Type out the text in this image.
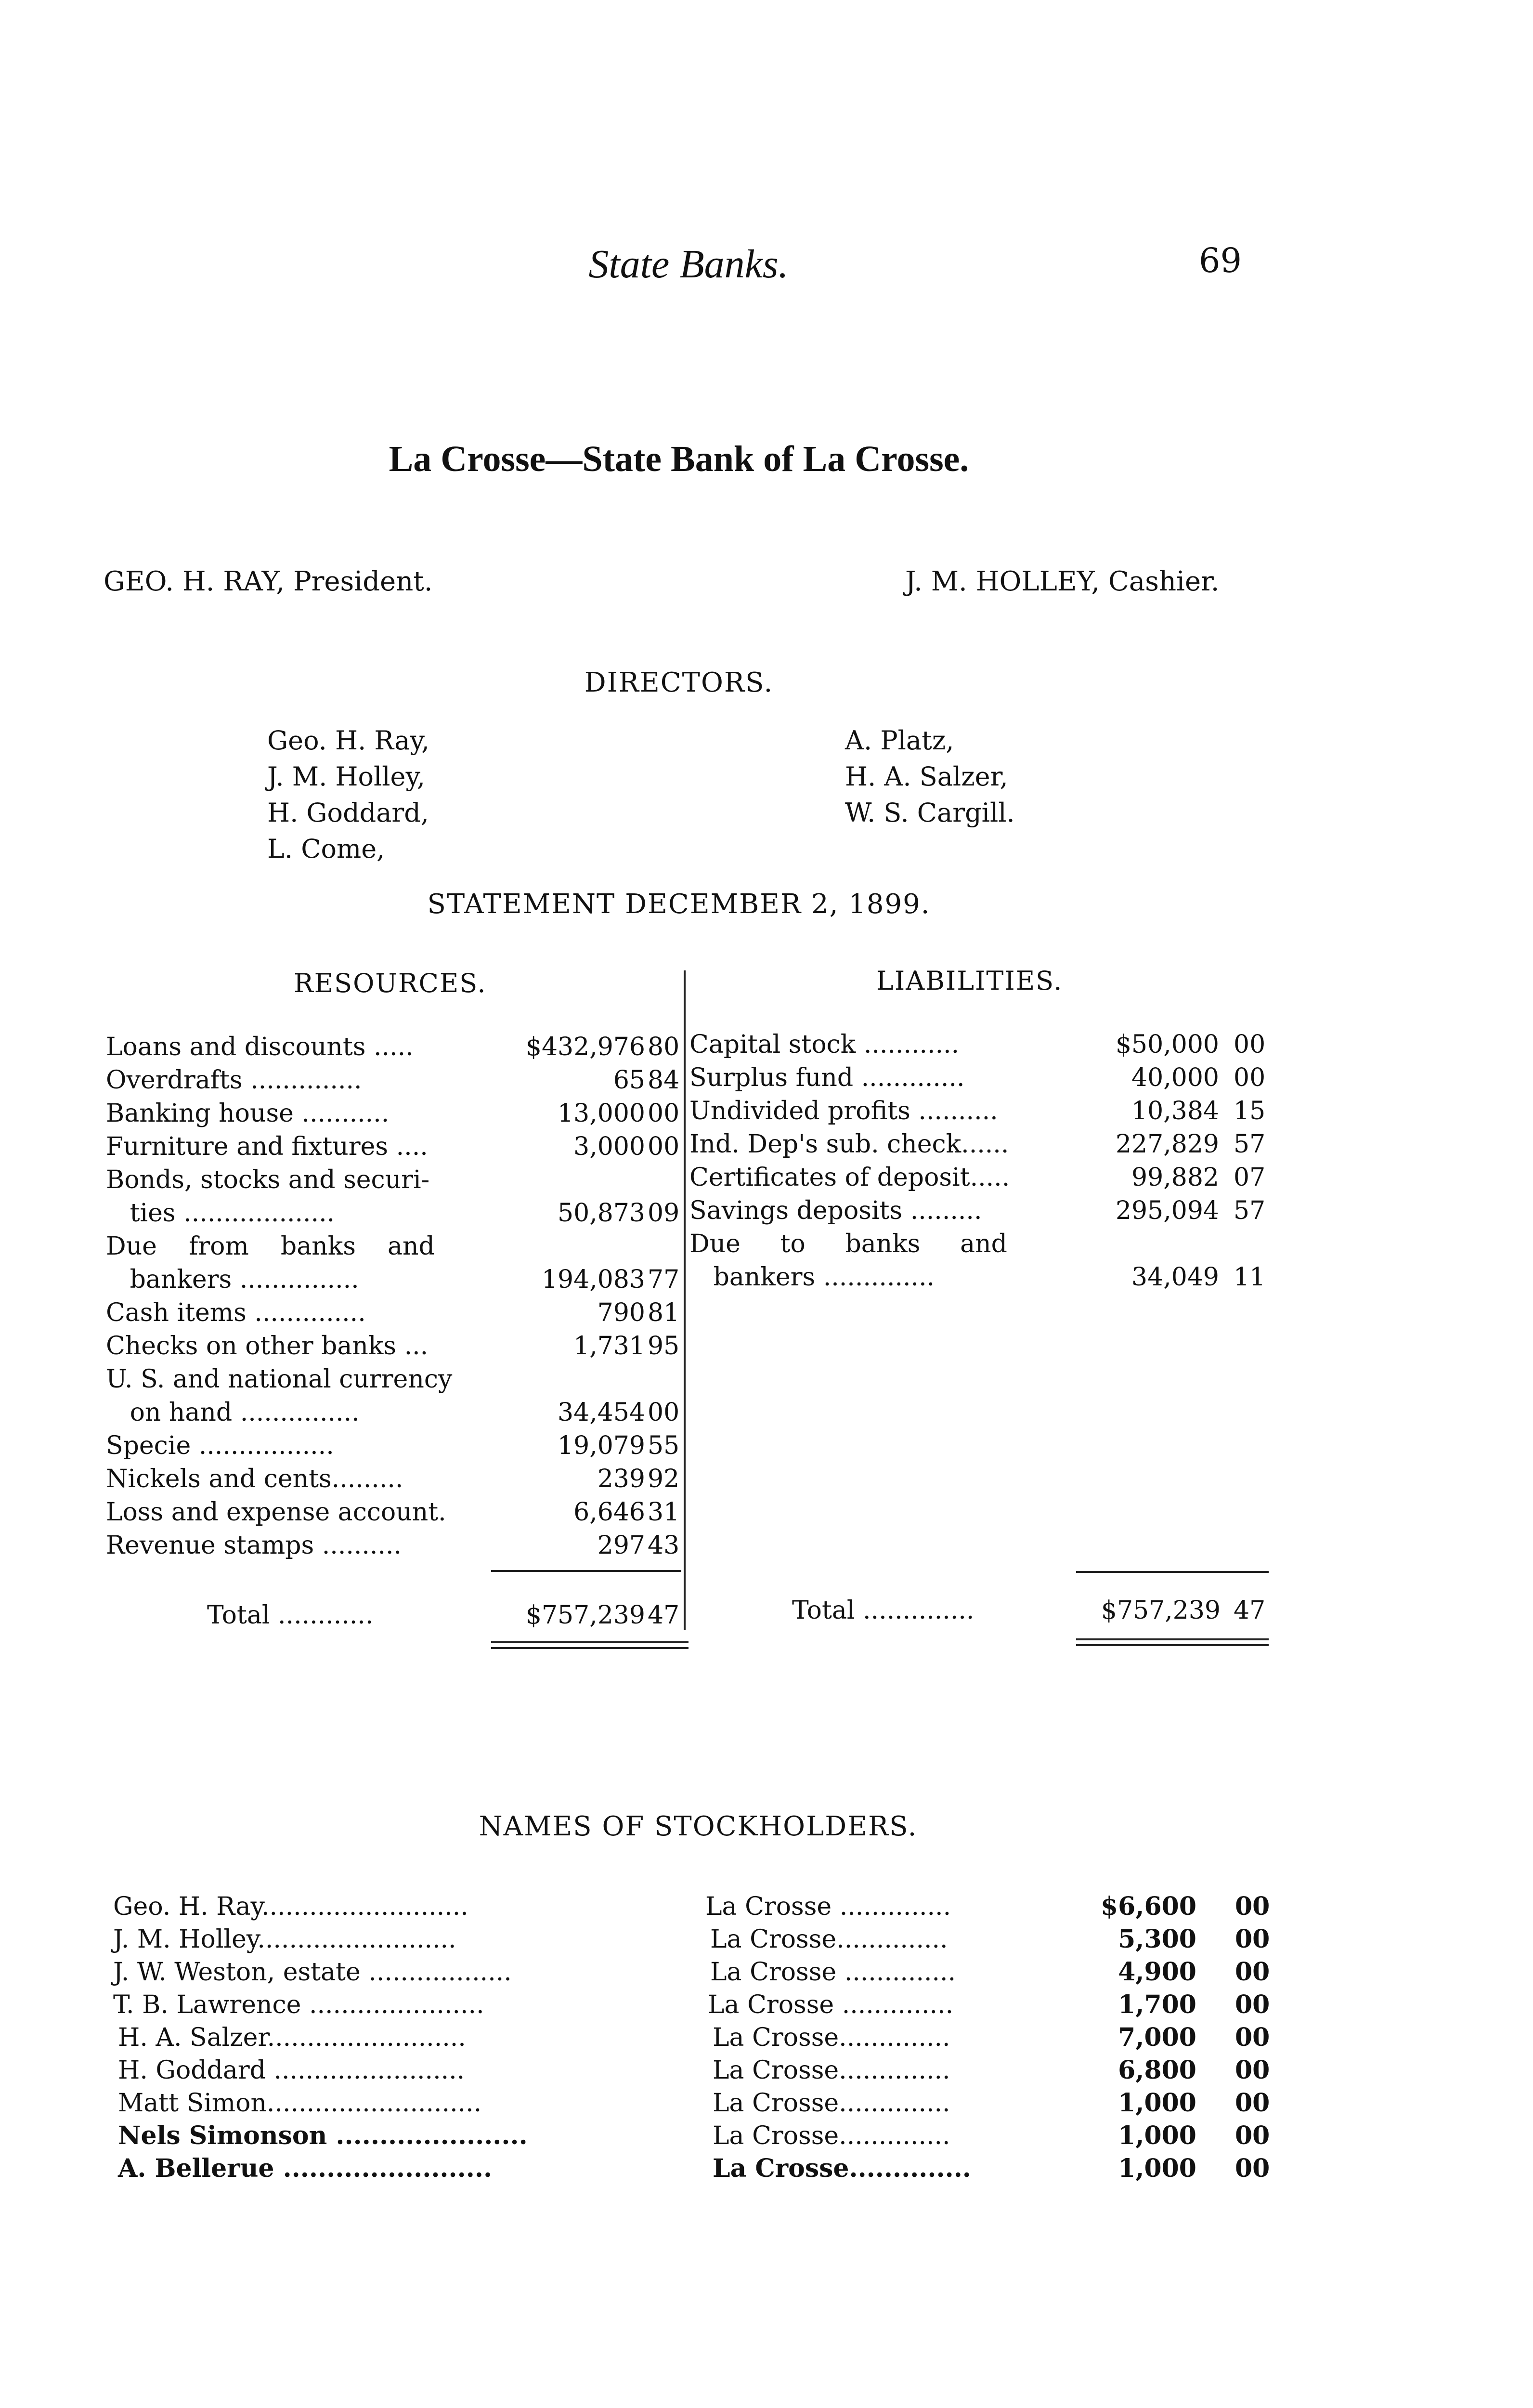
State Banks.	69
La Crosse—State Bank of La Crosse.
GEO. H. RAY, President.	J. M. HOLLEY, Cashier.
DIRECTORS.
Geo. H. Ray,
J. M. Holley,
H. Goddard,
L. Come,
A. Platz,
H. A. Salzer,
W. S. Cargill.
STATEMENT DECEMBER 2, 1899.
RESOURCES.	LIABILITIES.
Loans and discounts .....	$432,976 80
Overdrafts ..............	65 84
Banking house ...........	13,000 00
Furniture and fixtures ....	3,000 00
Bonds, stocks and securi-
ties ...................	50,873 09
Due    from    banks    and
bankers ...............	194,083 77
Cash items ..............	790 81
Checks on other banks ...	1,731 95
U. S. and national currency
on hand ...............	34,454 00
Specie .................	19,079 55
Nickels and cents.........	239 92
Loss and expense account.	6,646 31
Revenue stamps ..........	297 43
Capital stock ............	$50,000 00
Surplus fund .............	40,000 00
Undivided profits ..........	10,384 15
Ind. Dep's sub. check......	227,829 57
Certificates of deposit.....	99,882 07
Savings deposits .........	295,094 57
Due     to     banks     and
bankers ..............	34,049 11
Total ............	$757,239 47	Total ..............	$757,239 47
NAMES OF STOCKHOLDERS.
Geo. H. Ray..........................	La Crosse ..............	$6,600 00
J. M. Holley.........................	La Crosse..............	5,300 00
J. W. Weston, estate ..................	La Crosse ..............	4,900 00
T. B. Lawrence ......................	La Crosse ..............	1,700 00
H. A. Salzer.........................	La Crosse..............	7,000 00
H. Goddard ........................	La Crosse..............	6,800 00
Matt Simon...........................	La Crosse..............	1,000 00
Nels Simonson ......................	La Crosse..............	1,000 00
A. Bellerue ........................	La Crosse..............	1,000 00
